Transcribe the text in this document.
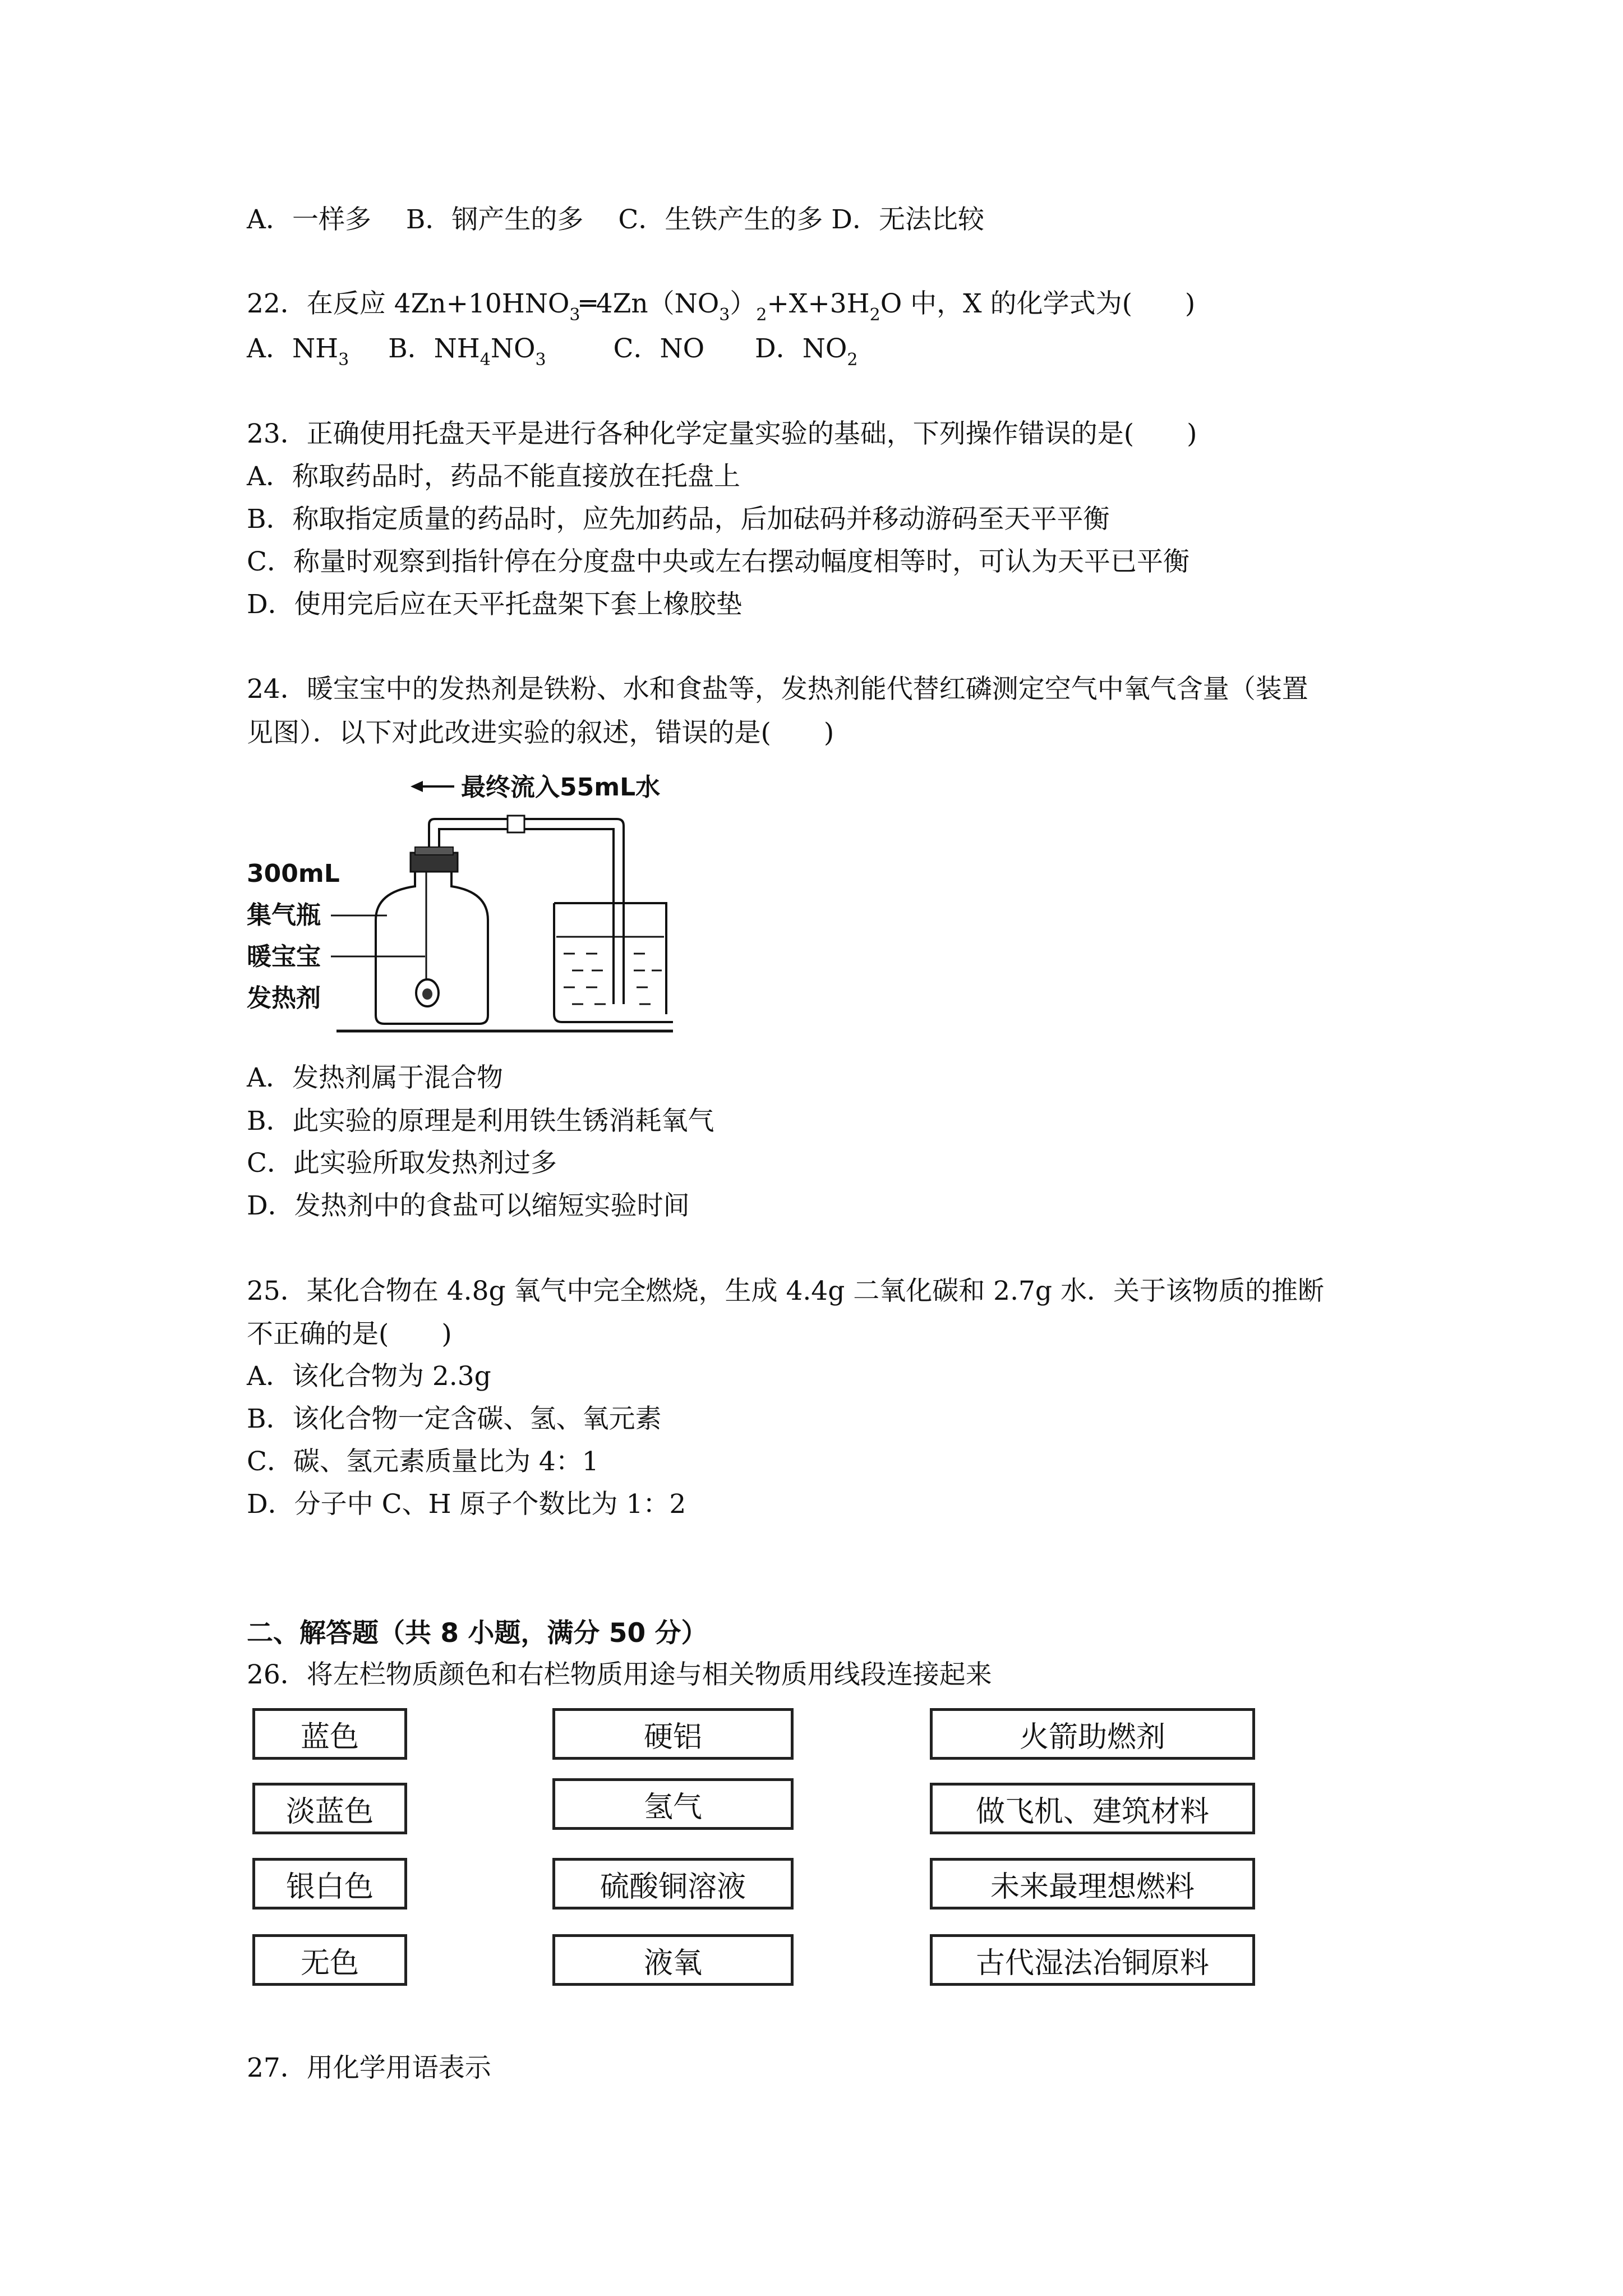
A．一样多　 B．钢产生的多　 C．生铁产生的多 D．无法比较
22．在反应 $4Zn+10HNO_3═4Zn(NO_3)_2+X+3H_2O$ 中，X 的化学式为(　　)
A．$NH_3$ B．$NH_4NO_3$	C．NO D．$NO_2$
23．正确使用托盘天平是进行各种化学定量实验的基础，下列操作错误的是(　　)
A．称取药品时，药品不能直接放在托盘上
B．称取指定质量的药品时，应先加药品，后加砝码并移动游码至天平平衡
C．称量时观察到指针停在分度盘中央或左右摆动幅度相等时，可认为天平已平衡
D．使用完后应在天平托盘架下套上橡胶垫
24．暖宝宝中的发热剂是铁粉、水和食盐等，发热剂能代替红磷测定空气中氧气含量（装置
见图）．以下对此改进实验的叙述，错误的是(　　)
最终流入55mL水
300mL
集气瓶
暖宝宝
发热剂
A．发热剂属于混合物
B．此实验的原理是利用铁生锈消耗氧气
C．此实验所取发热剂过多
D．发热剂中的食盐可以缩短实验时间
25．某化合物在 4.8g 氧气中完全燃烧，生成 4.4g 二氧化碳和 2.7g 水．关于该物质的推断
不正确的是(　　)
A．该化合物为 2.3g
B．该化合物一定含碳、氢、氧元素
C．碳、氢元素质量比为 4：1
D．分子中 C、H 原子个数比为 1：2
二、解答题（共 8 小题，满分 50 分）
26．将左栏物质颜色和右栏物质用途与相关物质用线段连接起来
蓝色
淡蓝色
银白色
无色
硬铝
氢气
硫酸铜溶液
液氧
火箭助燃剂
做飞机、建筑材料
未来最理想燃料
古代湿法冶铜原料
27．用化学用语表示
